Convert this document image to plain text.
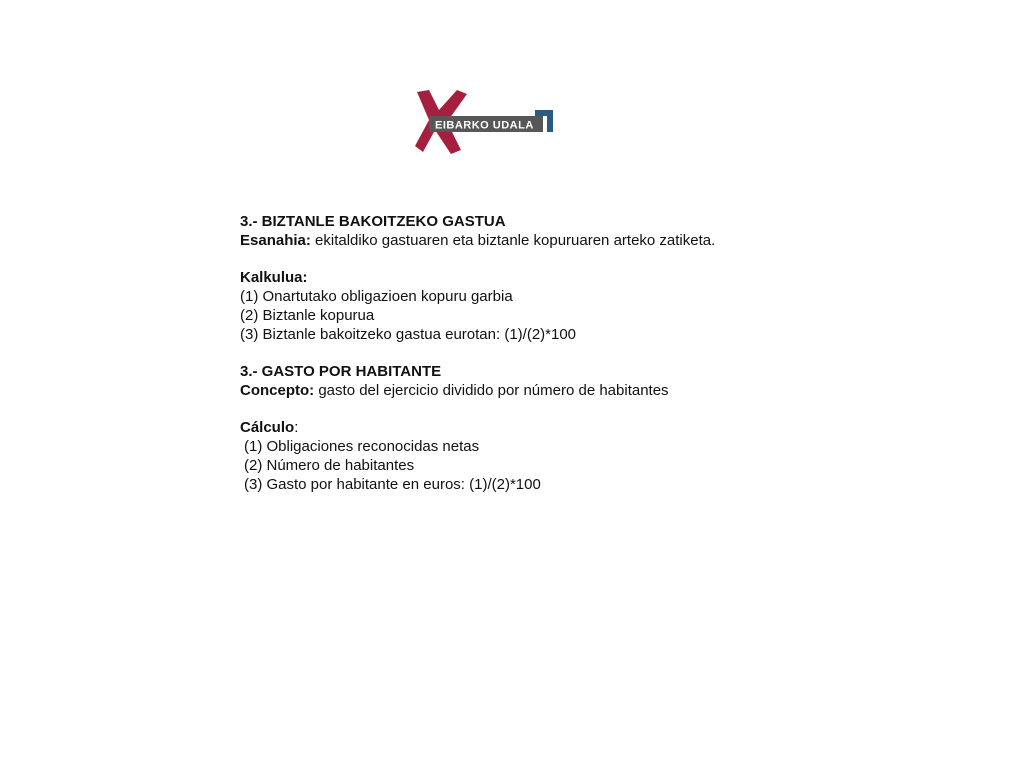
EIBARKO UDALA
3.- BIZTANLE BAKOITZEKO GASTUA
Esanahia: ekitaldiko gastuaren eta biztanle kopuruaren arteko zatiketa.
Kalkulua:
(1) Onartutako obligazioen kopuru garbia
(2) Biztanle kopurua
(3) Biztanle bakoitzeko gastua eurotan: (1)/(2)*100
3.- GASTO POR HABITANTE
Concepto: gasto del ejercicio dividido por número de habitantes
Cálculo:
(1) Obligaciones reconocidas netas
(2) Número de habitantes
(3) Gasto por habitante en euros: (1)/(2)*100
